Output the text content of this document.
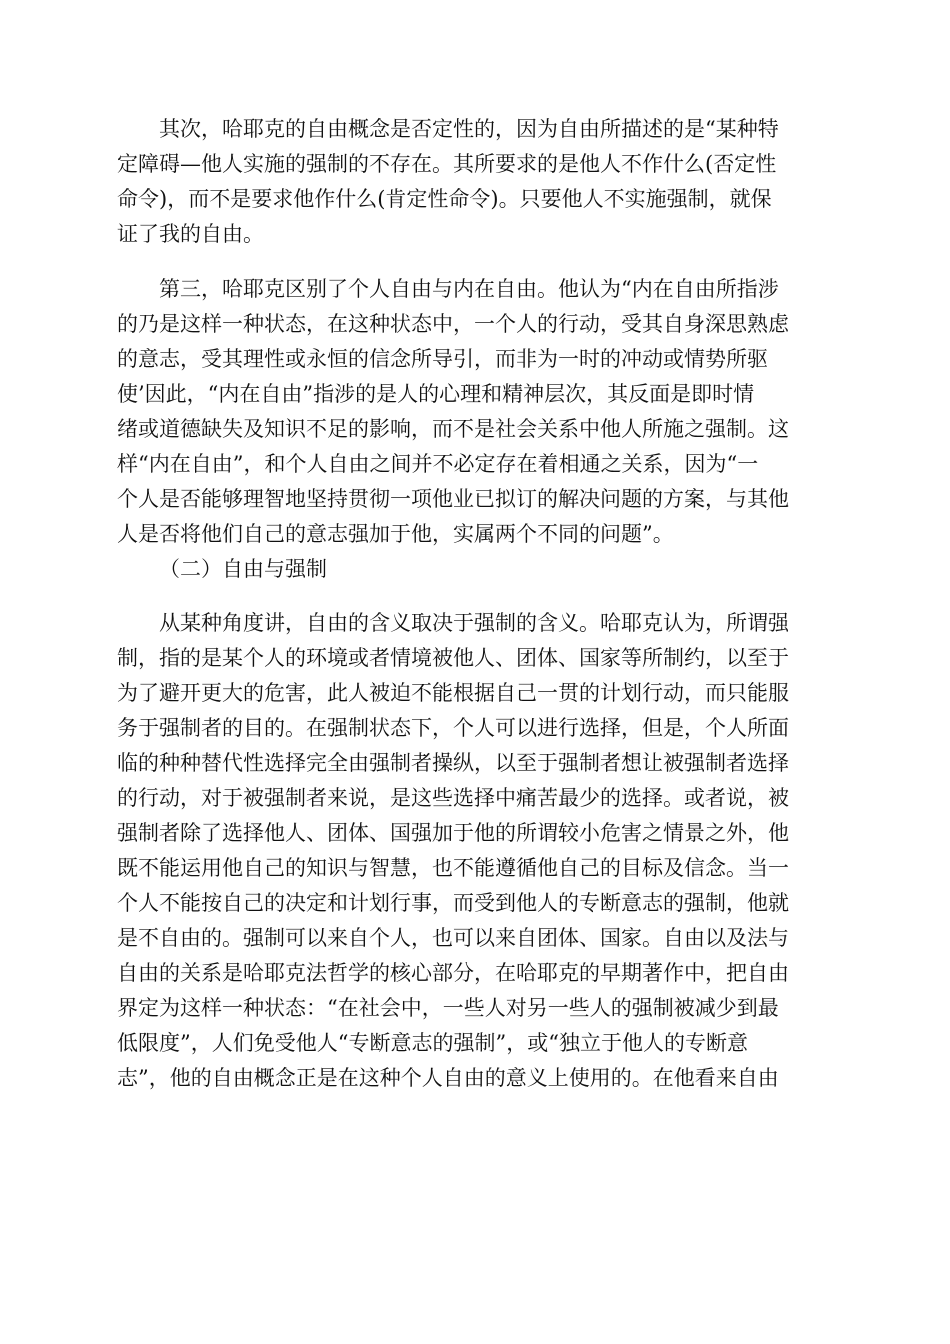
其次，哈耶克的自由概念是否定性的，因为自由所描述的是“某种特
定障碍—他人实施的强制的不存在。其所要求的是他人不作什么(否定性
命令)，而不是要求他作什么(肯定性命令)。只要他人不实施强制，就保
证了我的自由。

第三，哈耶克区别了个人自由与内在自由。他认为“内在自由所指涉
的乃是这样一种状态，在这种状态中，一个人的行动，受其自身深思熟虑
的意志，受其理性或永恒的信念所导引，而非为一时的冲动或情势所驱
使’因此，“内在自由”指涉的是人的心理和精神层次，其反面是即时情
绪或道德缺失及知识不足的影响，而不是社会关系中他人所施之强制。这
样“内在自由”，和个人自由之间并不必定存在着相通之关系，因为“一
个人是否能够理智地坚持贯彻一项他业已拟订的解决问题的方案，与其他
人是否将他们自己的意志强加于他，实属两个不同的问题”。

（二）自由与强制

从某种角度讲，自由的含义取决于强制的含义。哈耶克认为，所谓强
制，指的是某个人的环境或者情境被他人、团体、国家等所制约，以至于
为了避开更大的危害，此人被迫不能根据自己一贯的计划行动，而只能服
务于强制者的目的。在强制状态下，个人可以进行选择，但是，个人所面
临的种种替代性选择完全由强制者操纵，以至于强制者想让被强制者选择
的行动，对于被强制者来说，是这些选择中痛苦最少的选择。或者说，被
强制者除了选择他人、团体、国强加于他的所谓较小危害之情景之外，他
既不能运用他自己的知识与智慧，也不能遵循他自己的目标及信念。当一
个人不能按自己的决定和计划行事，而受到他人的专断意志的强制，他就
是不自由的。强制可以来自个人，也可以来自团体、国家。自由以及法与
自由的关系是哈耶克法哲学的核心部分，在哈耶克的早期著作中，把自由
界定为这样一种状态：“在社会中，一些人对另一些人的强制被减少到最
低限度”，人们免受他人“专断意志的强制”，或“独立于他人的专断意
志”，他的自由概念正是在这种个人自由的意义上使用的。在他看来自由
